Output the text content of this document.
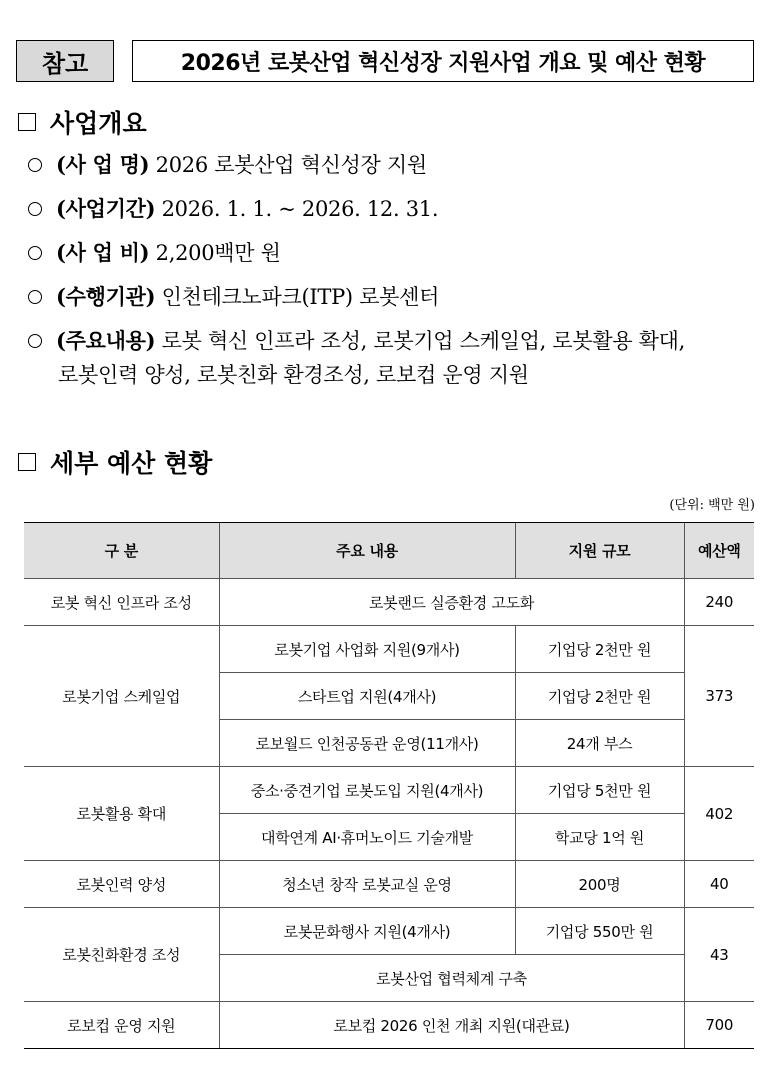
참고	2026년 로봇산업 혁신성장 지원사업 개요 및 예산 현황
사업개요
(사 업 명) 2026 로봇산업 혁신성장 지원
(사업기간) 2026. 1. 1. ~ 2026. 12. 31.
(사 업 비) 2,200백만 원
(수행기관) 인천테크노파크(ITP) 로봇센터
(주요내용) 로봇 혁신 인프라 조성, 로봇기업 스케일업, 로봇활용 확대,
로봇인력 양성, 로봇친화 환경조성, 로보컵 운영 지원
세부 예산 현황
(단위: 백만 원)
구 분	주요 내용	지원 규모	예산액
로봇 혁신 인프라 조성	로봇랜드 실증환경 고도화		240
로봇기업 스케일업	로봇기업 사업화 지원(9개사)	기업당 2천만 원	373
	스타트업 지원(4개사)	기업당 2천만 원	
	로보월드 인천공동관 운영(11개사)	24개 부스	
로봇활용 확대	중소·중견기업 로봇도입 지원(4개사)	기업당 5천만 원	402
	대학연계 AI·휴머노이드 기술개발	학교당 1억 원	
로봇인력 양성	청소년 창작 로봇교실 운영	200명	40
로봇친화환경 조성	로봇문화행사 지원(4개사)	기업당 550만 원	43
	로봇산업 협력체계 구축		
로보컵 운영 지원	로보컵 2026 인천 개최 지원(대관료)		700
